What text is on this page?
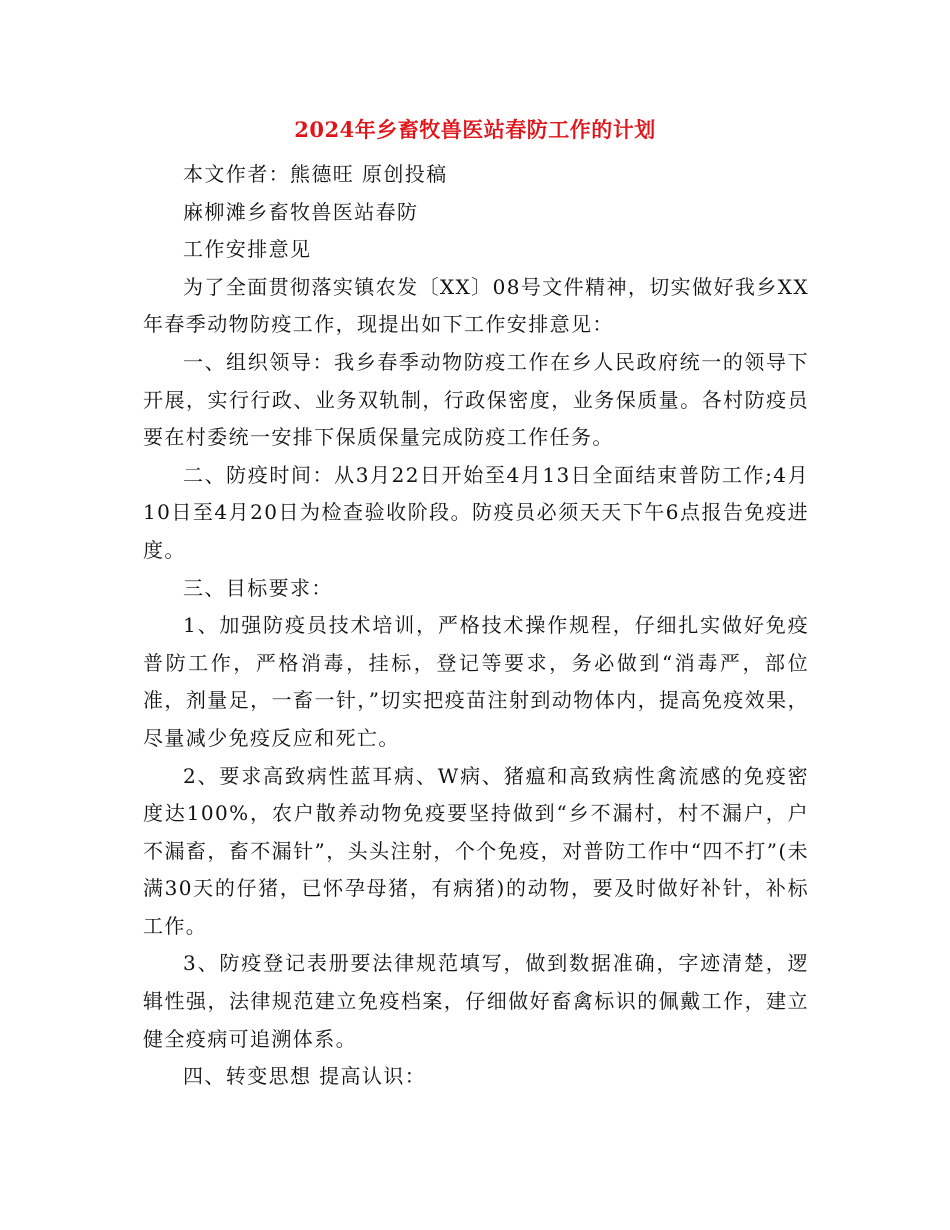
2024年乡畜牧兽医站春防工作的计划

本文作者：熊德旺 原创投稿

麻柳滩乡畜牧兽医站春防

工作安排意见

为了全面贯彻落实镇农发〔XX〕08号文件精神，切实做好我乡XX年春季动物防疫工作，现提出如下工作安排意见：

一、组织领导：我乡春季动物防疫工作在乡人民政府统一的领导下开展，实行行政、业务双轨制，行政保密度，业务保质量。各村防疫员要在村委统一安排下保质保量完成防疫工作任务。

二、防疫时间：从3月22日开始至4月13日全面结束普防工作;4月10日至4月20日为检查验收阶段。防疫员必须天天下午6点报告免疫进度。

三、目标要求：

1、加强防疫员技术培训，严格技术操作规程，仔细扎实做好免疫普防工作，严格消毒，挂标，登记等要求，务必做到“消毒严，部位准，剂量足，一畜一针，”切实把疫苗注射到动物体内，提高免疫效果，尽量减少免疫反应和死亡。

2、要求高致病性蓝耳病、W病、猪瘟和高致病性禽流感的免疫密度达100%，农户散养动物免疫要坚持做到“乡不漏村，村不漏户，户不漏畜，畜不漏针”，头头注射，个个免疫，对普防工作中“四不打”(未满30天的仔猪，已怀孕母猪，有病猪)的动物，要及时做好补针，补标工作。

3、防疫登记表册要法律规范填写，做到数据准确，字迹清楚，逻辑性强，法律规范建立免疫档案，仔细做好畜禽标识的佩戴工作，建立健全疫病可追溯体系。

四、转变思想 提高认识：
